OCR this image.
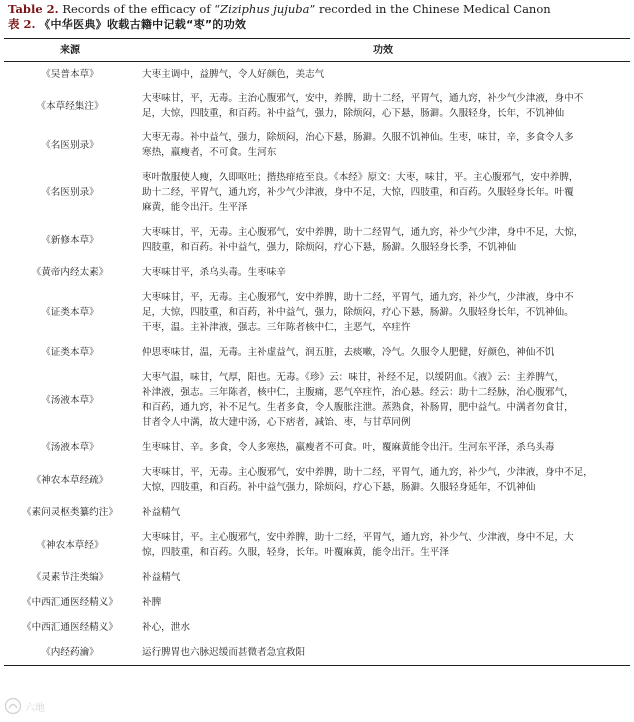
Table 2. Records of the efficacy of “Ziziphus jujuba” recorded in the Chinese Medical Canon
表 2. 《中华医典》收载古籍中记载“枣”的功效
来源	功效
《吴普本草》	大枣主调中，益脾气，令人好颜色，美志气

《本草经集注》	大枣味甘，平，无毒。主治心腹邪气，安中，养脾，助十二经，平胃气，通九窍，补少气少津液，身中不
足，大惊，四肢重，和百药。补中益气，强力，除烦闷，心下悬，肠澼。久服轻身，长年，不饥神仙

《名医别录》	大枣无毒。补中益气，强力，除烦闷，治心下悬，肠澼。久服不饥神仙。生枣，味甘，辛，多食令人多
寒热，羸瘦者，不可食。生河东

《名医别录》	枣叶散服使人瘦，久即呕吐；揩热痱疮至良。《本经》原文：大枣，味甘，平。主心腹邪气，安中养脾，
助十二经，平胃气，通九窍，补少气少津液，身中不足，大惊，四肢重，和百药。久服轻身长年。叶覆
麻黄，能令出汗。生平泽

《新修本草》	大枣味甘，平，无毒。主心腹邪气，安中养脾，助十二经胃气，通九窍，补少气少津，身中不足，大惊，
四肢重，和百药。补中益气，强力，除烦闷，疗心下悬，肠澼。久服轻身长季，不饥神仙

《黄帝内经太素》	大枣味甘平，杀乌头毒。生枣味辛

《证类本草》	大枣味甘，平，无毒。主心腹邪气，安中养脾，助十二经，平胃气，通九窍，补少气，少津液，身中不
足，大惊，四肢重，和百药，补中益气，强力，除烦闷，疗心下悬，肠澼。久服轻身长年，不饥神仙。
干枣，温。主补津液，强志。三年陈者核中仁，主恶气，卒疰忤

《证类本草》	仲思枣味甘，温，无毒。主补虚益气，润五脏，去痰嗽，冷气。久服令人肥健，好颜色，神仙不饥

《汤液本草》	大枣气温，味甘，气厚，阳也。无毒。《珍》云：味甘，补经不足，以缓阴血。《液》云：主养脾气，
补津液，强志。三年陈者，核中仁，主腹痛，恶气卒疰忤，治心悬。经云：助十二经脉，治心腹邪气，
和百药，通九窍，补不足气。生者多食，令人腹胀注泄。蒸熟食，补肠胃，肥中益气。中满者勿食甘，
甘者令人中满，故大建中汤，心下痞者，减饴、枣，与甘草同例

《汤液本草》	生枣味甘、辛。多食，令人多寒热，羸瘦者不可食。叶，覆麻黄能令出汗。生河东平泽，杀乌头毒

《神农本草经疏》	大枣味甘，平，无毒。主心腹邪气，安中养脾，助十二经，平胃气，通九窍，补少气，少津液，身中不足，
大惊，四肢重，和百药。补中益气强力，除烦闷，疗心下悬，肠澼。久服轻身延年，不饥神仙

《素问灵枢类纂约注》	补益精气

《神农本草经》	大枣味甘，平。主心腹邪气，安中养脾，助十二经，平胃气，通九窍，补少气、少津液，身中不足，大
惊，四肢重，和百药。久服，轻身，长年。叶覆麻黄，能令出汗。生平泽

《灵素节注类编》	补益精气

《中西汇通医经精义》	补脾

《中西汇通医经精义》	补心，泄水

《内经药瀹》	运行脾胃也六脉迟缓而甚微者急宜救阳
六地
